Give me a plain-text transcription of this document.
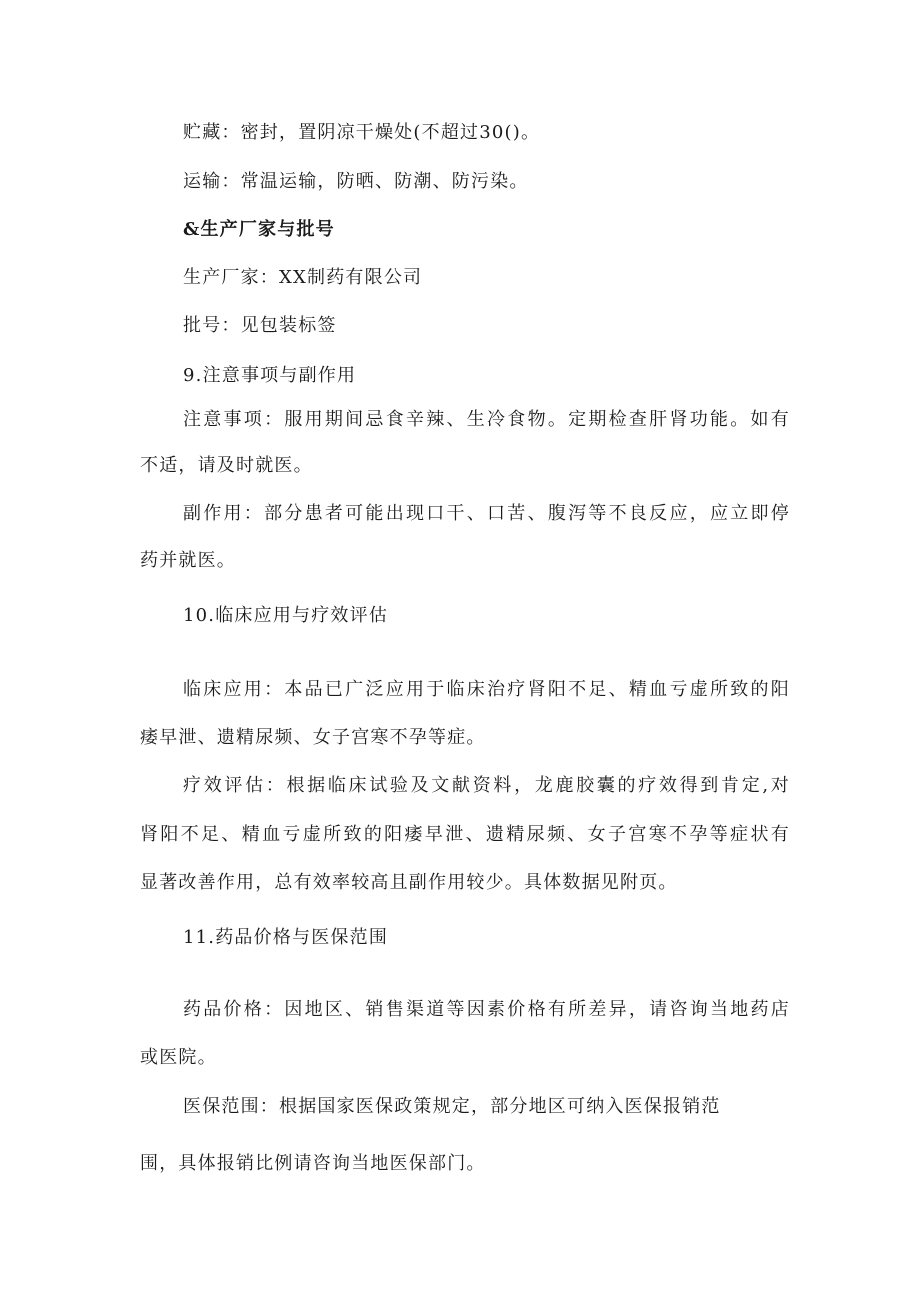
贮藏：密封，置阴凉干燥处(不超过30()。

运输：常温运输，防晒、防潮、防污染。

&生产厂家与批号

生产厂家：XX制药有限公司

批号：见包装标签

9.注意事项与副作用

注意事项：服用期间忌食辛辣、生冷食物。定期检查肝肾功能。如有

不适，请及时就医。

副作用：部分患者可能出现口干、口苦、腹泻等不良反应，应立即停

药并就医。

10.临床应用与疗效评估

临床应用：本品已广泛应用于临床治疗肾阳不足、精血亏虚所致的阳

痿早泄、遗精尿频、女子宫寒不孕等症。

疗效评估：根据临床试验及文献资料，龙鹿胶囊的疗效得到肯定,对

肾阳不足、精血亏虚所致的阳痿早泄、遗精尿频、女子宫寒不孕等症状有

显著改善作用，总有效率较高且副作用较少。具体数据见附页。

11.药品价格与医保范围

药品价格：因地区、销售渠道等因素价格有所差异，请咨询当地药店

或医院。

医保范围：根据国家医保政策规定，部分地区可纳入医保报销范

围，具体报销比例请咨询当地医保部门。
